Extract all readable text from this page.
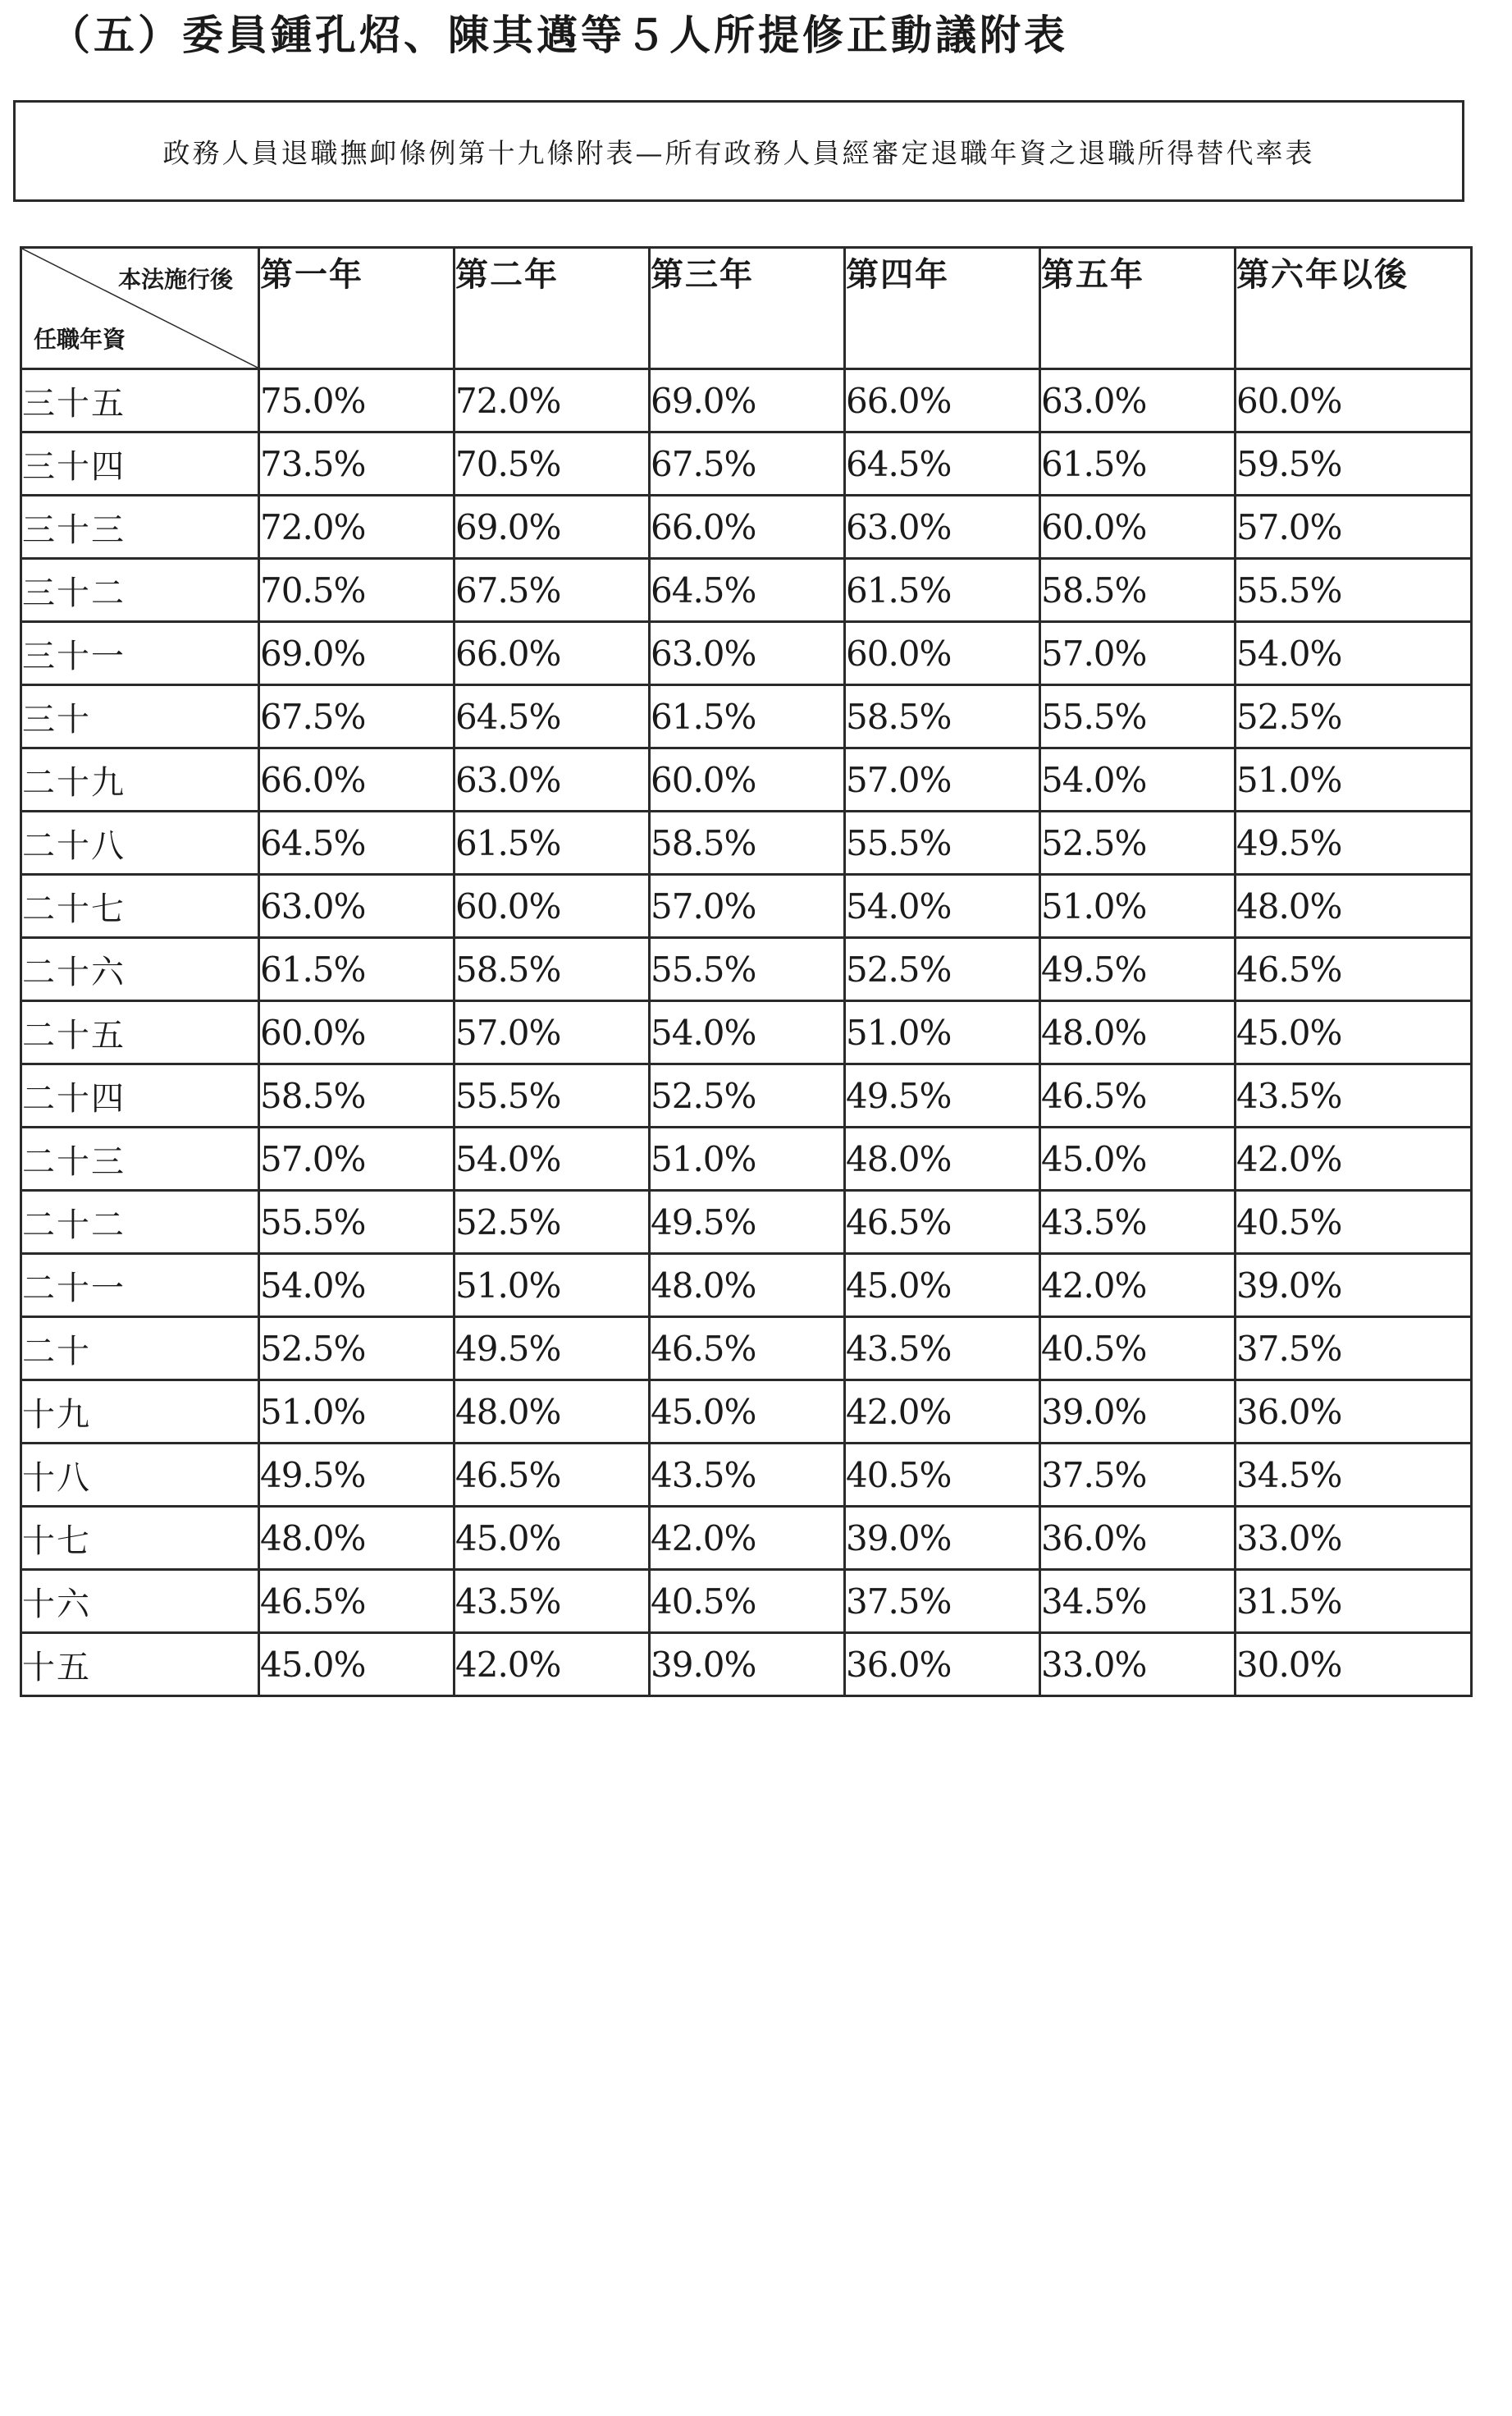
（五）委員鍾孔炤、陳其邁等５人所提修正動議附表
政務人員退職撫卹條例第十九條附表—所有政務人員經審定退職年資之退職所得替代率表
本法施行後
任職年資	第一年	第二年	第三年	第四年	第五年	第六年以後
三十五	75.0%	72.0%	69.0%	66.0%	63.0%	60.0%
三十四	73.5%	70.5%	67.5%	64.5%	61.5%	59.5%
三十三	72.0%	69.0%	66.0%	63.0%	60.0%	57.0%
三十二	70.5%	67.5%	64.5%	61.5%	58.5%	55.5%
三十一	69.0%	66.0%	63.0%	60.0%	57.0%	54.0%
三十	67.5%	64.5%	61.5%	58.5%	55.5%	52.5%
二十九	66.0%	63.0%	60.0%	57.0%	54.0%	51.0%
二十八	64.5%	61.5%	58.5%	55.5%	52.5%	49.5%
二十七	63.0%	60.0%	57.0%	54.0%	51.0%	48.0%
二十六	61.5%	58.5%	55.5%	52.5%	49.5%	46.5%
二十五	60.0%	57.0%	54.0%	51.0%	48.0%	45.0%
二十四	58.5%	55.5%	52.5%	49.5%	46.5%	43.5%
二十三	57.0%	54.0%	51.0%	48.0%	45.0%	42.0%
二十二	55.5%	52.5%	49.5%	46.5%	43.5%	40.5%
二十一	54.0%	51.0%	48.0%	45.0%	42.0%	39.0%
二十	52.5%	49.5%	46.5%	43.5%	40.5%	37.5%
十九	51.0%	48.0%	45.0%	42.0%	39.0%	36.0%
十八	49.5%	46.5%	43.5%	40.5%	37.5%	34.5%
十七	48.0%	45.0%	42.0%	39.0%	36.0%	33.0%
十六	46.5%	43.5%	40.5%	37.5%	34.5%	31.5%
十五	45.0%	42.0%	39.0%	36.0%	33.0%	30.0%
